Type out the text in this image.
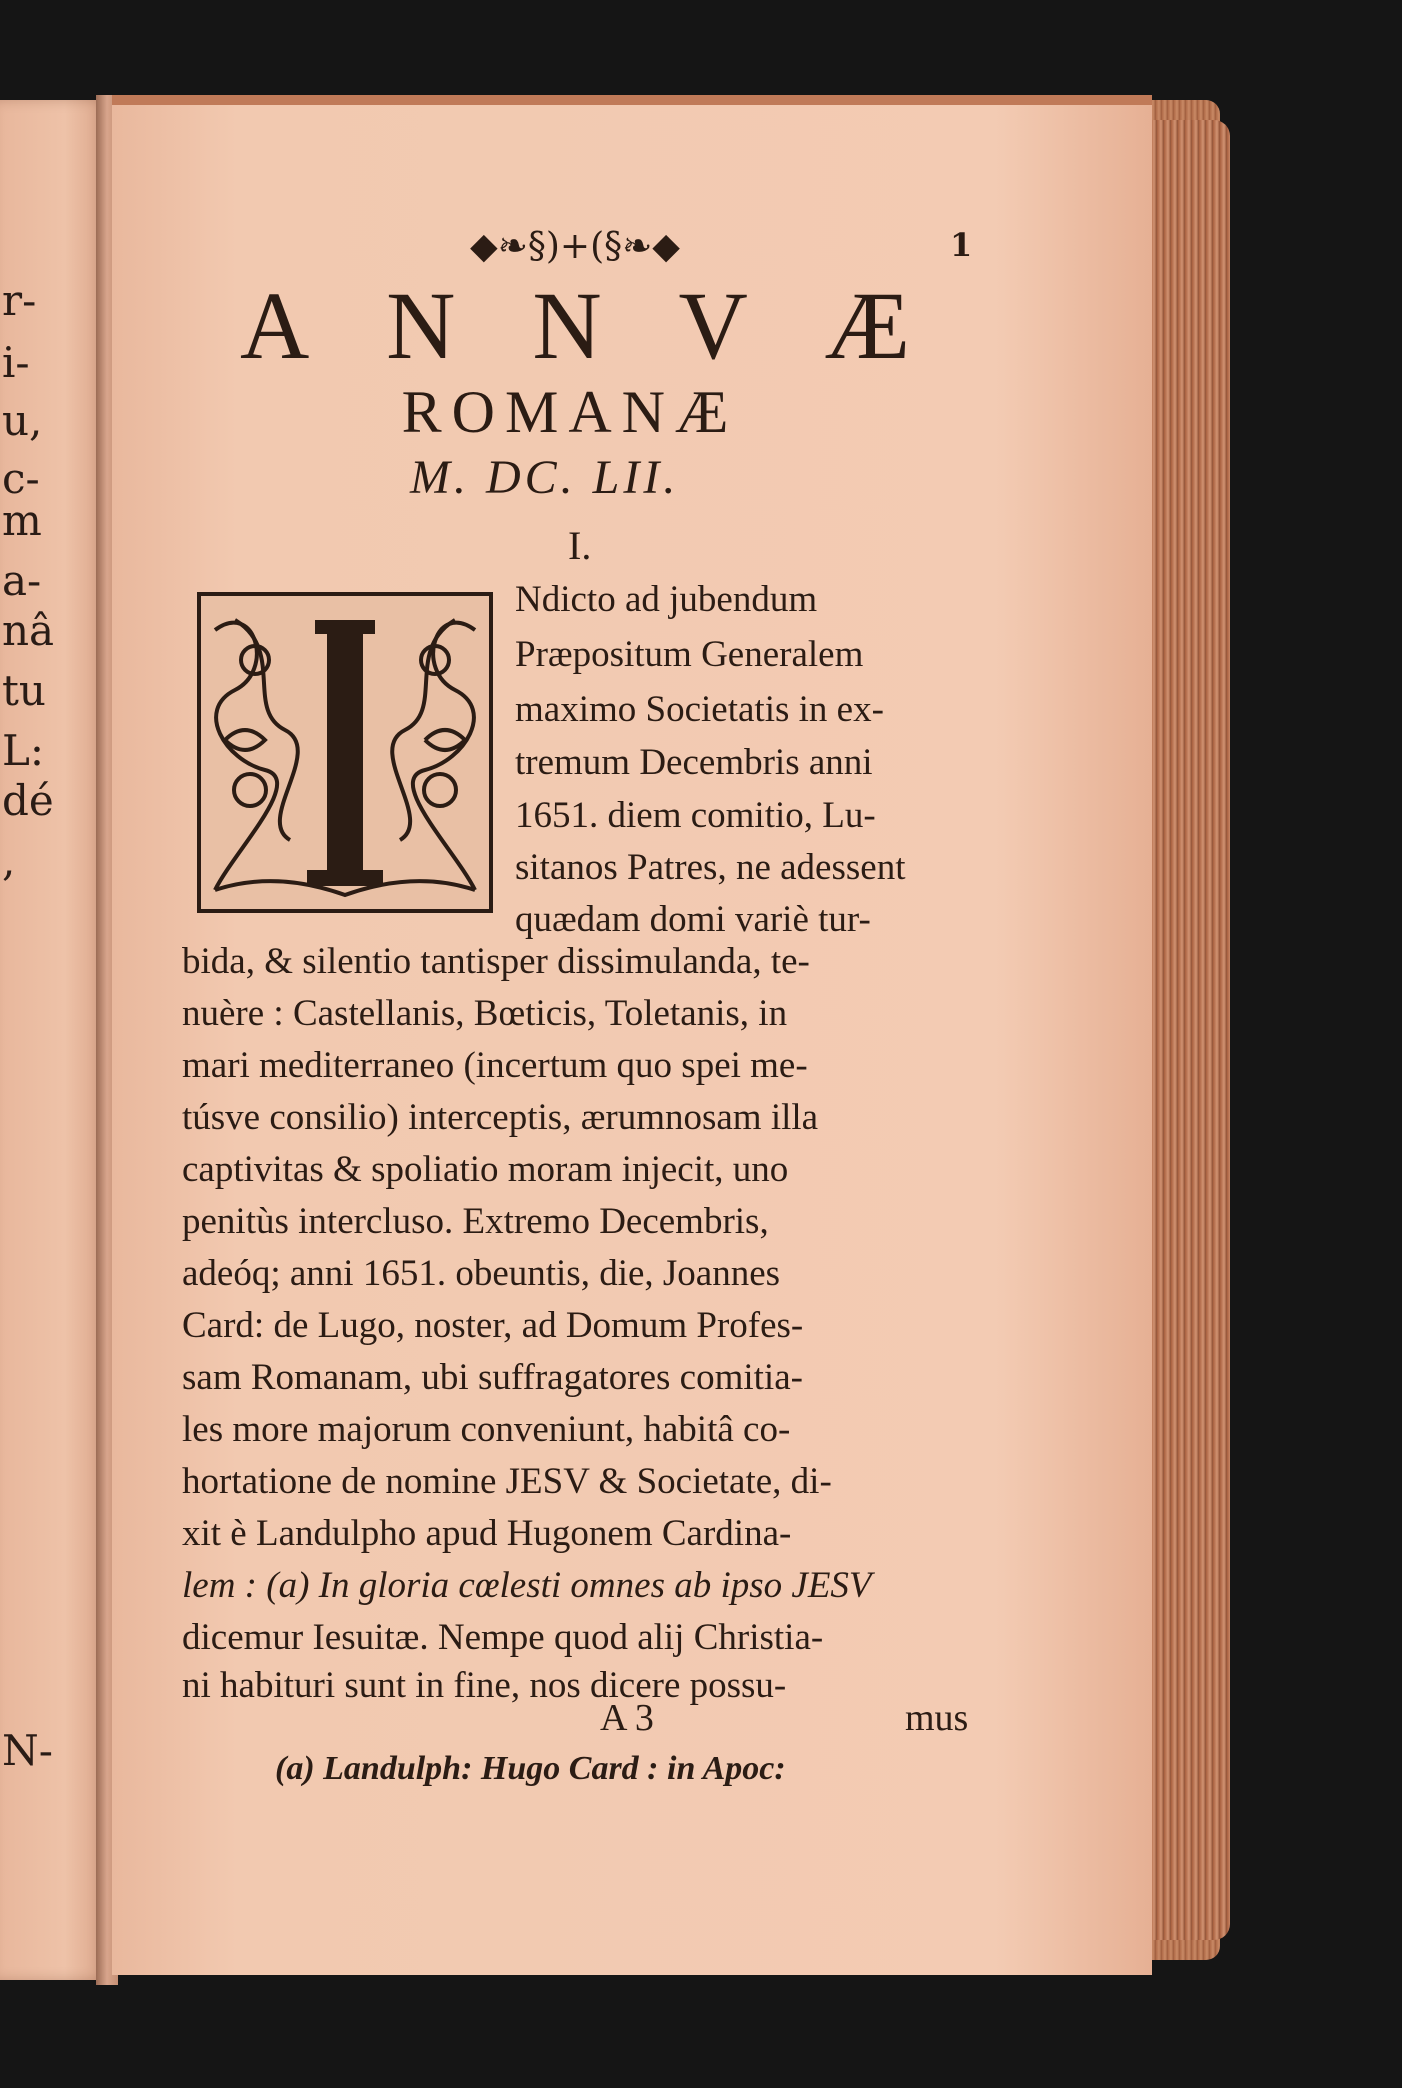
r-
i-
u,
c-
m
a-
nâ
tu
L:
dé
,
N-
◆❧§)+(§❧◆	1
A N N V Æ
ROMANÆ
M. DC. LII.
I.
Ndicto ad jubendum
Præpositum Generalem
maximo Societatis in ex-
tremum Decembris anni
1651. diem comitio, Lu-
sitanos Patres, ne adessent
quædam domi variè tur-
bida, & silentio tantisper dissimulanda, te-
nuère : Castellanis, Bœticis, Toletanis, in
mari mediterraneo (incertum quo spei me-
túsve consilio) interceptis, ærumnosam illa
captivitas & spoliatio moram injecit, uno
penitùs intercluso. Extremo Decembris,
adeóq; anni 1651. obeuntis, die, Joannes
Card: de Lugo, noster, ad Domum Profes-
sam Romanam, ubi suffragatores comitia-
les more majorum conveniunt, habitâ co-
hortatione de nomine JESV & Societate, di-
xit è Landulpho apud Hugonem Cardina-
lem : (a) In gloria cœlesti omnes ab ipso JESV
dicemur Iesuitæ. Nempe quod alij Christia-
ni habituri sunt in fine, nos dicere possu-
A 3	mus
(a) Landulph: Hugo Card : in Apoc:
